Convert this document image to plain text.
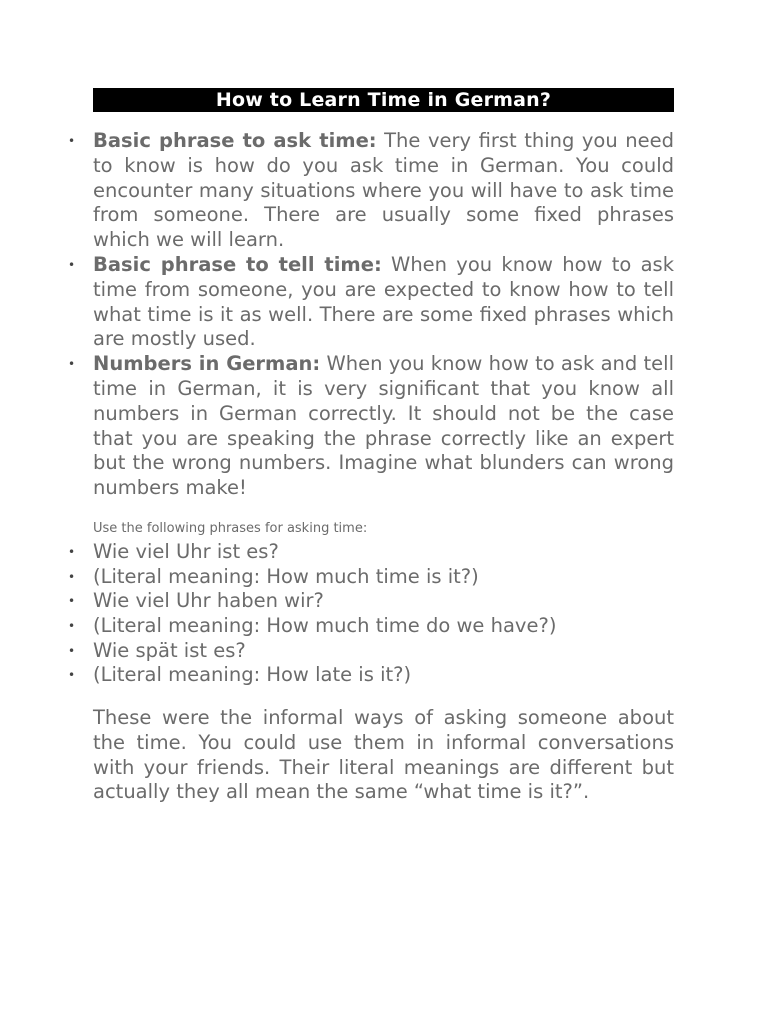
How to Learn Time in German?
• Basic phrase to ask time: The very first thing you need to know is how do you ask time in German. You could encounter many situations where you will have to ask time from someone. There are usually some fixed phrases which we will learn.
• Basic phrase to tell time: When you know how to ask time from someone, you are expected to know how to tell what time is it as well. There are some fixed phrases which are mostly used.
• Numbers in German: When you know how to ask and tell time in German, it is very significant that you know all numbers in German correctly. It should not be the case that you are speaking the phrase correctly like an expert but the wrong numbers. Imagine what blunders can wrong numbers make!
Use the following phrases for asking time:
• Wie viel Uhr ist es?
• (Literal meaning: How much time is it?)
• Wie viel Uhr haben wir?
• (Literal meaning: How much time do we have?)
• Wie spät ist es?
• (Literal meaning: How late is it?)

These were the informal ways of asking someone about the time. You could use them in informal conversations with your friends. Their literal meanings are different but actually they all mean the same “what time is it?”.
